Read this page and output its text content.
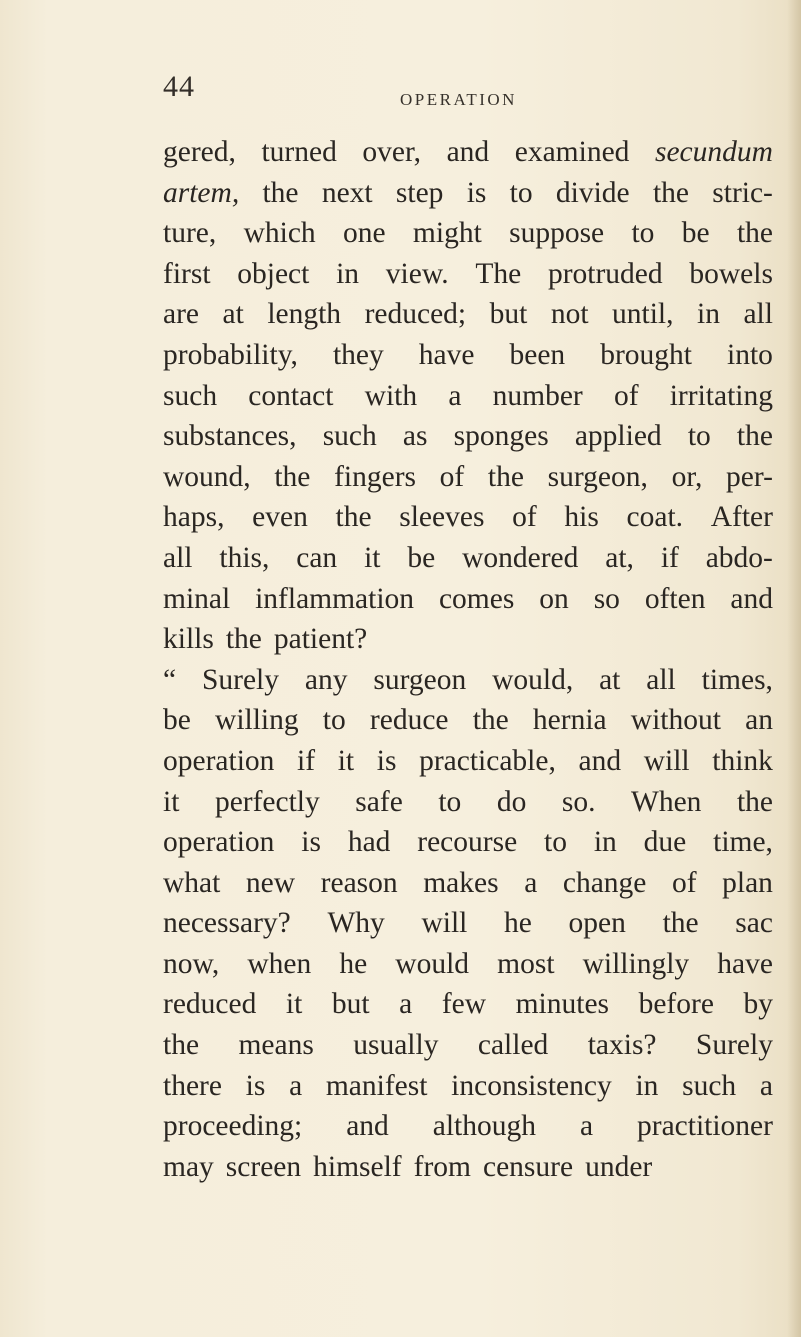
44	OPERATION
gered, turned over, and examined secundum
artem, the next step is to divide the stric-
ture, which one might suppose to be the
first object in view. The protruded bowels
are at length reduced; but not until, in all
probability, they have been brought into
such contact with a number of irritating
substances, such as sponges applied to the
wound, the fingers of the surgeon, or, per-
haps, even the sleeves of his coat. After
all this, can it be wondered at, if abdo-
minal inflammation comes on so often and
kills the patient?
“ Surely any surgeon would, at all times,
be willing to reduce the hernia without an
operation if it is practicable, and will think
it perfectly safe to do so. When the
operation is had recourse to in due time,
what new reason makes a change of plan
necessary? Why will he open the sac
now, when he would most willingly have
reduced it but a few minutes before by
the means usually called taxis? Surely
there is a manifest inconsistency in such a
proceeding; and although a practitioner
may screen himself from censure under
